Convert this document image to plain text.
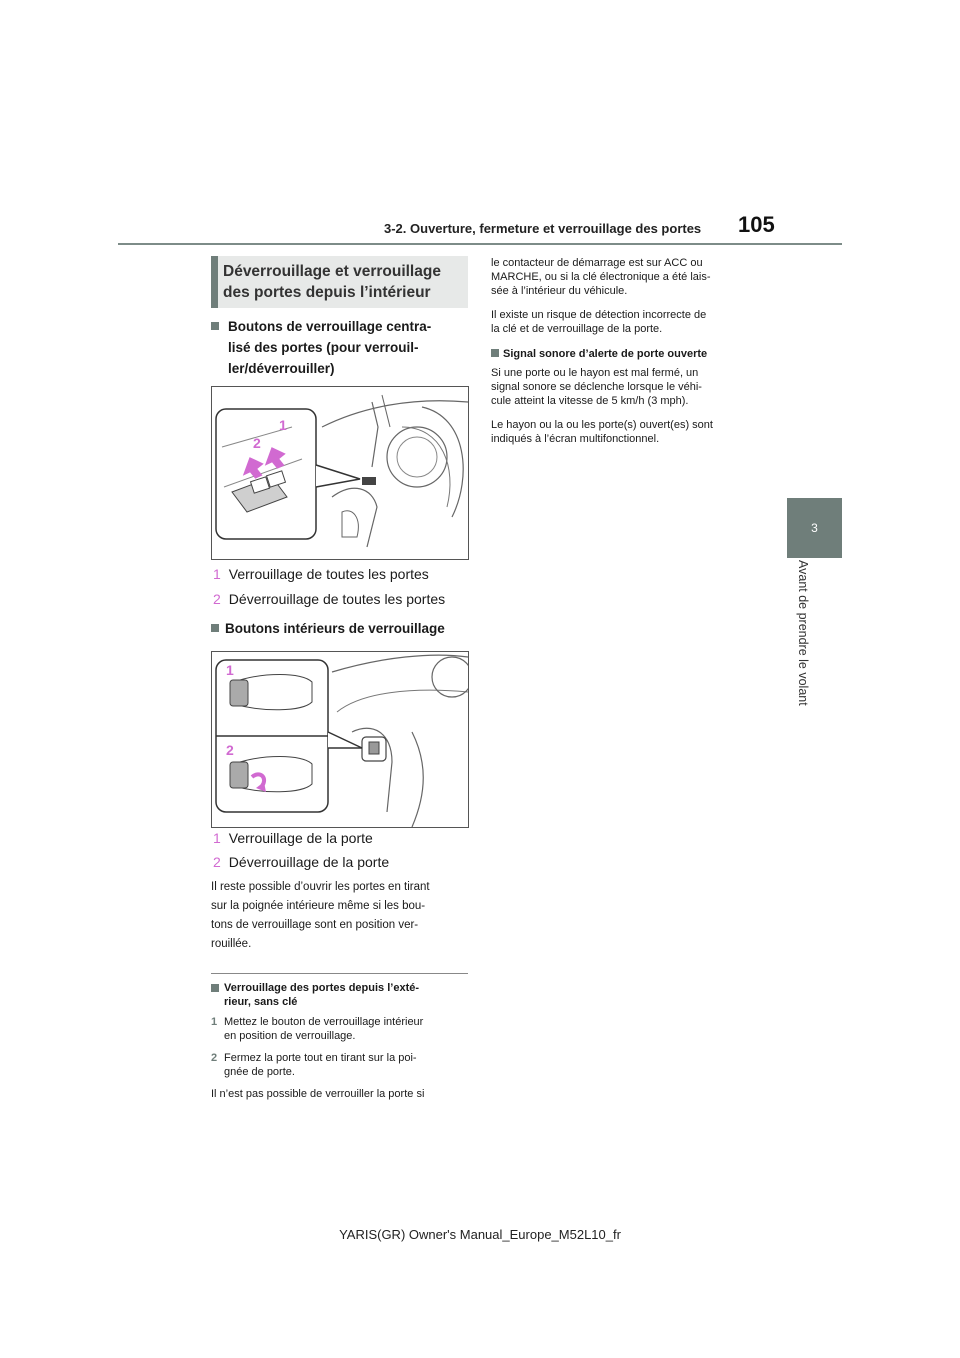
3-2. Ouverture, fermeture et verrouillage des portes 105
3
Avant de prendre le volant
Déverrouillage et verrouillage des portes depuis l’intérieur
Boutons de verrouillage centra-
lisé des portes (pour verrouil-
ler/déverrouiller)
1
2
1 Verrouillage de toutes les portes
2 Déverrouillage de toutes les portes
Boutons intérieurs de verrouillage
1
2
1 Verrouillage de la porte
2 Déverrouillage de la porte
Il reste possible d’ouvrir les portes en tirant
sur la poignée intérieure même si les bou-
tons de verrouillage sont en position ver-
rouillée.
Verrouillage des portes depuis l’exté-
rieur, sans clé
1 Mettez le bouton de verrouillage intérieur
en position de verrouillage.
2 Fermez la porte tout en tirant sur la poi-
gnée de porte.
Il n’est pas possible de verrouiller la porte si
le contacteur de démarrage est sur ACC ou
MARCHE, ou si la clé électronique a été lais-
sée à l’intérieur du véhicule.
Il existe un risque de détection incorrecte de
la clé et de verrouillage de la porte.
Signal sonore d’alerte de porte ouverte
Si une porte ou le hayon est mal fermé, un
signal sonore se déclenche lorsque le véhi-
cule atteint la vitesse de 5 km/h (3 mph).
Le hayon ou la ou les porte(s) ouvert(es) sont
indiqués à l’écran multifonctionnel.
YARIS(GR) Owner's Manual_Europe_M52L10_fr
